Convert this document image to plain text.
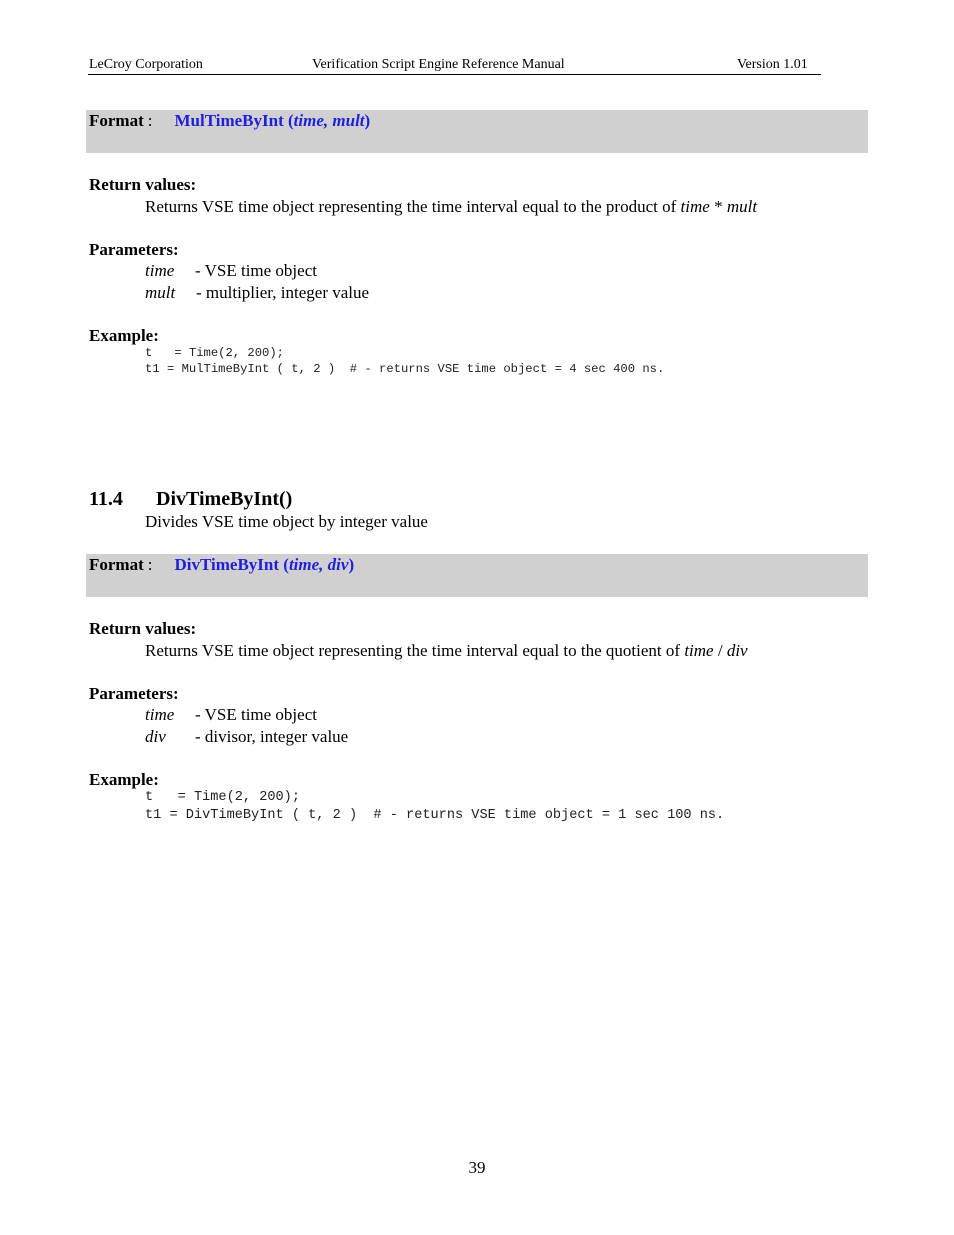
LeCroy Corporation	Verification Script Engine Reference Manual	Version 1.01
Format : MulTimeByInt (time, mult)
Return values:
Returns VSE time object representing the time interval equal to the product of time * mult
Parameters:
time - VSE time object
mult - multiplier, integer value
Example:
t   = Time(2, 200);
t1 = MulTimeByInt ( t, 2 )  # - returns VSE time object = 4 sec 400 ns.
11.4 DivTimeByInt()
Divides VSE time object by integer value
Format : DivTimeByInt (time, div)
Return values:
Returns VSE time object representing the time interval equal to the quotient of time / div
Parameters:
time - VSE time object
div - divisor, integer value
Example:
t   = Time(2, 200);
t1 = DivTimeByInt ( t, 2 )  # - returns VSE time object = 1 sec 100 ns.
39
